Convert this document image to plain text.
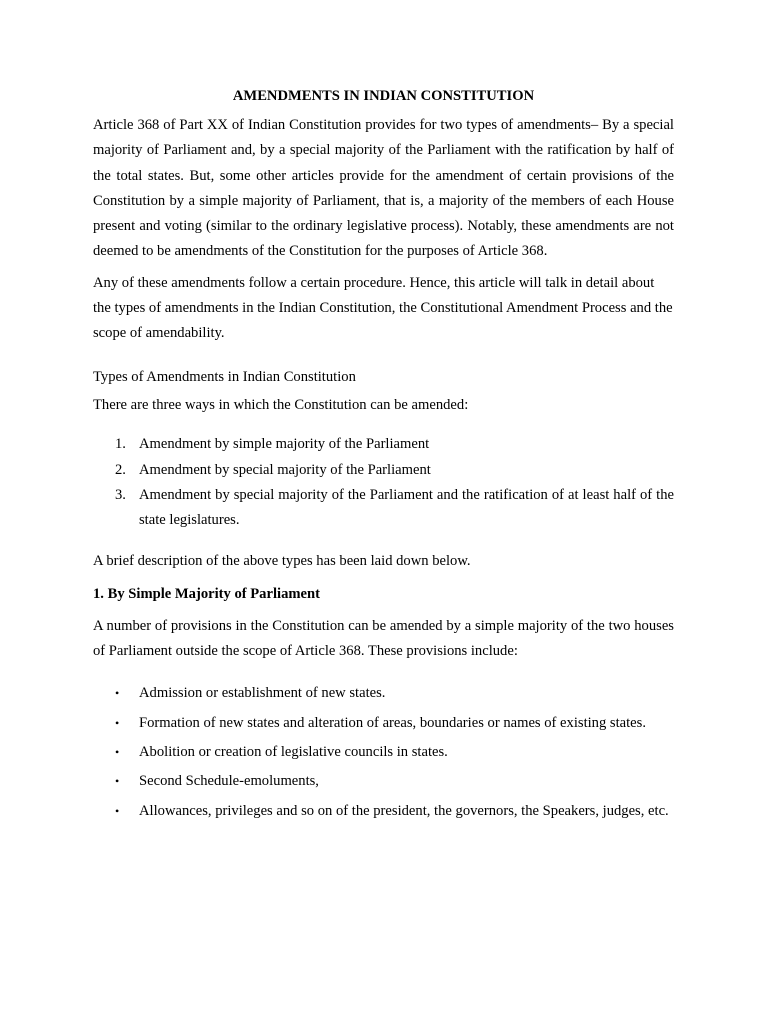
AMENDMENTS IN INDIAN CONSTITUTION

Article 368 of Part XX of Indian Constitution provides for two types of amendments– By a special majority of Parliament and, by a special majority of the Parliament with the ratification by half of the total states. But, some other articles provide for the amendment of certain provisions of the Constitution by a simple majority of Parliament, that is, a majority of the members of each House present and voting (similar to the ordinary legislative process). Notably, these amendments are not deemed to be amendments of the Constitution for the purposes of Article 368.

Any of these amendments follow a certain procedure. Hence, this article will talk in detail about the types of amendments in the Indian Constitution, the Constitutional Amendment Process and the scope of amendability.

Types of Amendments in Indian Constitution

There are three ways in which the Constitution can be amended:

1. Amendment by simple majority of the Parliament
2. Amendment by special majority of the Parliament
3. Amendment by special majority of the Parliament and the ratification of at least half of the state legislatures.

A brief description of the above types has been laid down below.

1. By Simple Majority of Parliament

A number of provisions in the Constitution can be amended by a simple majority of the two houses of Parliament outside the scope of Article 368. These provisions include:

• Admission or establishment of new states.
• Formation of new states and alteration of areas, boundaries or names of existing states.
• Abolition or creation of legislative councils in states.
• Second Schedule-emoluments,
• Allowances, privileges and so on of the president, the governors, the Speakers, judges, etc.
